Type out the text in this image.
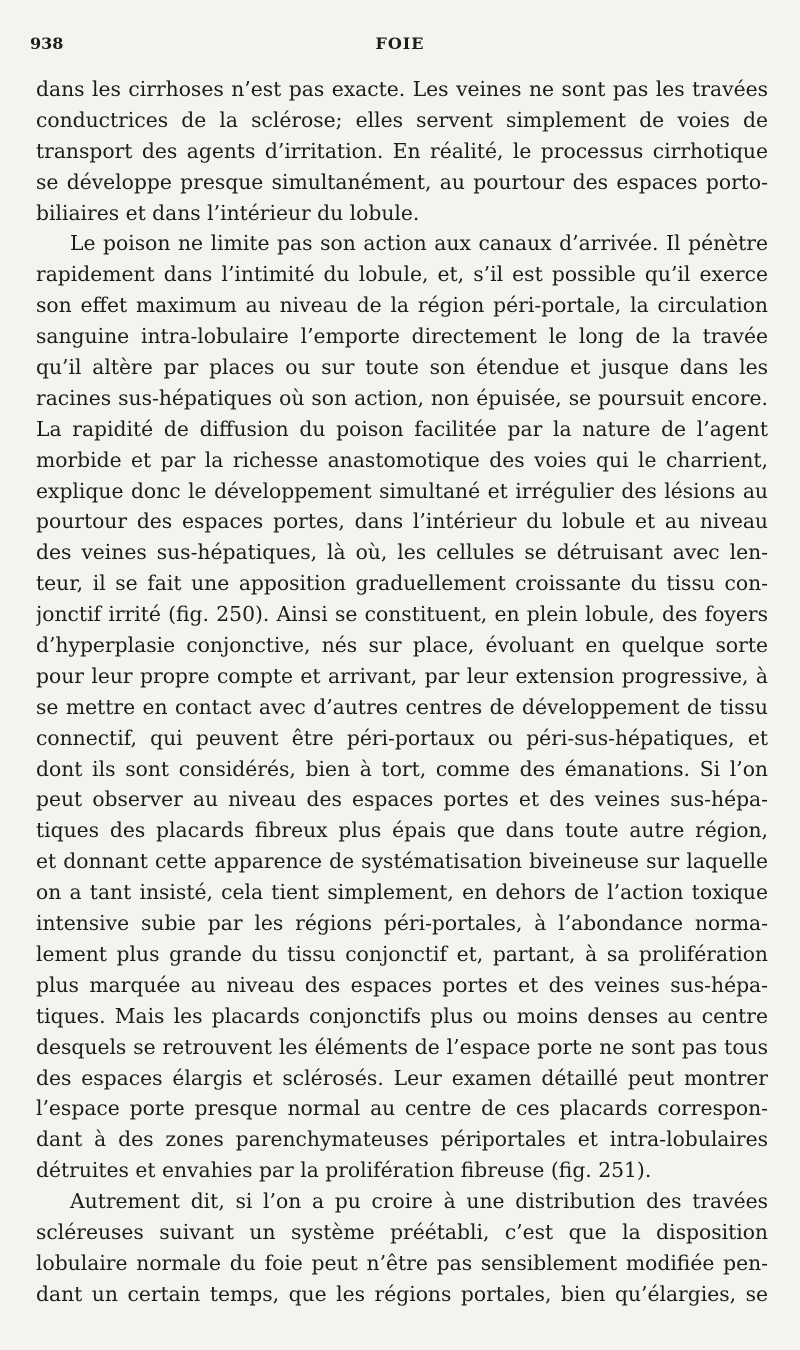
938	FOIE
dans les cirrhoses n’est pas exacte. Les veines ne sont pas les travées
conductrices de la sclérose; elles servent simplement de voies de
transport des agents d’irritation. En réalité, le processus cirrhotique
se développe presque simultanément, au pourtour des espaces porto-
biliaires et dans l’intérieur du lobule.
Le poison ne limite pas son action aux canaux d’arrivée. Il pénètre
rapidement dans l’intimité du lobule, et, s’il est possible qu’il exerce
son effet maximum au niveau de la région péri-portale, la circulation
sanguine intra-lobulaire l’emporte directement le long de la travée
qu’il altère par places ou sur toute son étendue et jusque dans les
racines sus-hépatiques où son action, non épuisée, se poursuit encore.
La rapidité de diffusion du poison facilitée par la nature de l’agent
morbide et par la richesse anastomotique des voies qui le charrient,
explique donc le développement simultané et irrégulier des lésions au
pourtour des espaces portes, dans l’intérieur du lobule et au niveau
des veines sus-hépatiques, là où, les cellules se détruisant avec len-
teur, il se fait une apposition graduellement croissante du tissu con-
jonctif irrité (fig. 250). Ainsi se constituent, en plein lobule, des foyers
d’hyperplasie conjonctive, nés sur place, évoluant en quelque sorte
pour leur propre compte et arrivant, par leur extension progressive, à
se mettre en contact avec d’autres centres de développement de tissu
connectif, qui peuvent être péri-portaux ou péri-sus-hépatiques, et
dont ils sont considérés, bien à tort, comme des émanations. Si l’on
peut observer au niveau des espaces portes et des veines sus-hépa-
tiques des placards fibreux plus épais que dans toute autre région,
et donnant cette apparence de systématisation biveineuse sur laquelle
on a tant insisté, cela tient simplement, en dehors de l’action toxique
intensive subie par les régions péri-portales, à l’abondance norma-
lement plus grande du tissu conjonctif et, partant, à sa prolifération
plus marquée au niveau des espaces portes et des veines sus-hépa-
tiques. Mais les placards conjonctifs plus ou moins denses au centre
desquels se retrouvent les éléments de l’espace porte ne sont pas tous
des espaces élargis et sclérosés. Leur examen détaillé peut montrer
l’espace porte presque normal au centre de ces placards correspon-
dant à des zones parenchymateuses périportales et intra-lobulaires
détruites et envahies par la prolifération fibreuse (fig. 251).
Autrement dit, si l’on a pu croire à une distribution des travées
scléreuses suivant un système préétabli, c’est que la disposition
lobulaire normale du foie peut n’être pas sensiblement modifiée pen-
dant un certain temps, que les régions portales, bien qu’élargies, se
